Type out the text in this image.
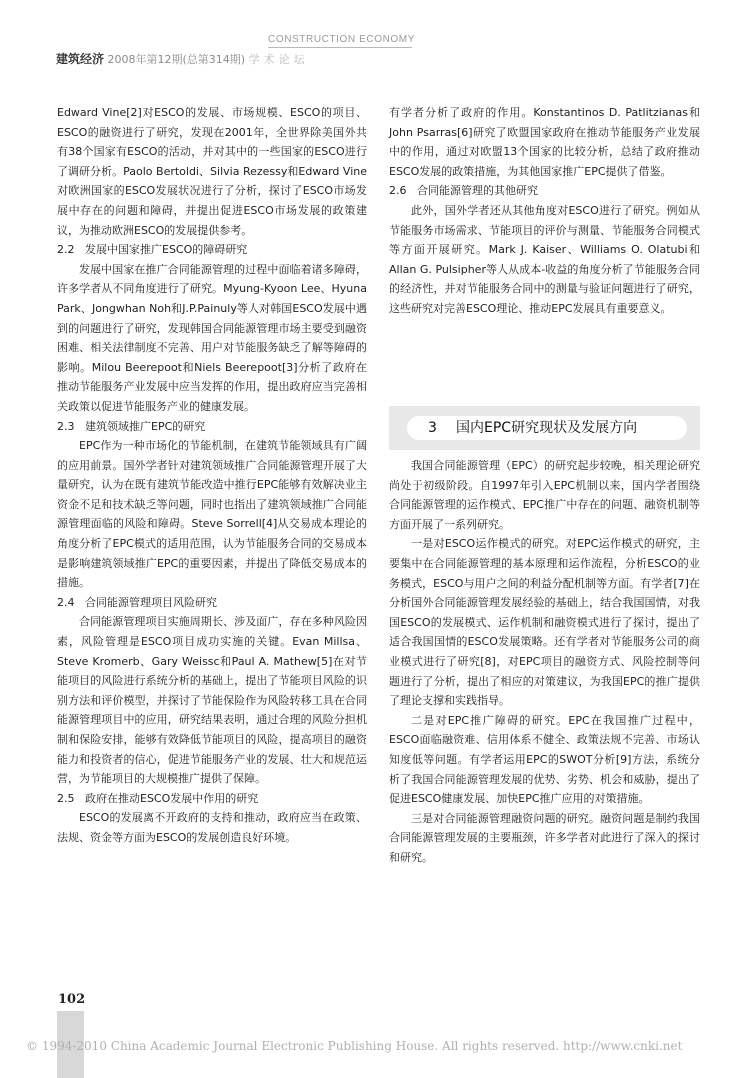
CONSTRUCTION ECONOMY
建筑经济 2008年第12期(总第314期) 学术论坛

Edward Vine[2]对ESCO的发展、市场规模、ESCO的项目、ESCO的融资进行了研究，发现在2001年，全世界除美国外共有38个国家有ESCO的活动，并对其中的一些国家的ESCO进行了调研分析。Paolo Bertoldi、Silvia Rezessy和Edward Vine对欧洲国家的ESCO发展状况进行了分析，探讨了ESCO市场发展中存在的问题和障碍，并提出促进ESCO市场发展的政策建议，为推动欧洲ESCO的发展提供参考。

2.2 发展中国家推广ESCO的障碍研究

发展中国家在推广合同能源管理的过程中面临着诸多障碍，许多学者从不同角度进行了研究。Myung-Kyoon Lee、Hyuna Park、Jongwhan Noh和J.P.Painuly等人对韩国ESCO发展中遇到的问题进行了研究，发现韩国合同能源管理市场主要受到融资困难、相关法律制度不完善、用户对节能服务缺乏了解等障碍的影响。Milou Beerepoot和Niels Beerepoot[3]分析了政府在推动节能服务产业发展中应当发挥的作用，提出政府应当完善相关政策以促进节能服务产业的健康发展。

2.3 建筑领域推广EPC的研究

EPC作为一种市场化的节能机制，在建筑节能领域具有广阔的应用前景。国外学者针对建筑领域推广合同能源管理开展了大量研究，认为在既有建筑节能改造中推行EPC能够有效解决业主资金不足和技术缺乏等问题，同时也指出了建筑领域推广合同能源管理面临的风险和障碍。Steve Sorrell[4]从交易成本理论的角度分析了EPC模式的适用范围，认为节能服务合同的交易成本是影响建筑领域推广EPC的重要因素，并提出了降低交易成本的措施。

2.4 合同能源管理项目风险研究

合同能源管理项目实施周期长、涉及面广，存在多种风险因素，风险管理是ESCO项目成功实施的关键。Evan Millsa、Steve Kromerb、Gary Weissc和Paul A. Mathew[5]在对节能项目的风险进行系统分析的基础上，提出了节能项目风险的识别方法和评价模型，并探讨了节能保险作为风险转移工具在合同能源管理项目中的应用，研究结果表明，通过合理的风险分担机制和保险安排，能够有效降低节能项目的风险，提高项目的融资能力和投资者的信心，促进节能服务产业的发展、壮大和规范运营，为节能项目的大规模推广提供了保障。

2.5 政府在推动ESCO发展中作用的研究

ESCO的发展离不开政府的支持和推动，政府应当在政策、法规、资金等方面为ESCO的发展创造良好环境。

有学者分析了政府的作用。Konstantinos D. Patlitzianas和John Psarras[6]研究了欧盟国家政府在推动节能服务产业发展中的作用，通过对欧盟13个国家的比较分析，总结了政府推动ESCO发展的政策措施，为其他国家推广EPC提供了借鉴。

2.6 合同能源管理的其他研究

此外，国外学者还从其他角度对ESCO进行了研究。例如从节能服务市场需求、节能项目的评价与测量、节能服务合同模式等方面开展研究。Mark J. Kaiser、Williams O. Olatubi和Allan G. Pulsipher等人从成本-收益的角度分析了节能服务合同的经济性，并对节能服务合同中的测量与验证问题进行了研究，这些研究对完善ESCO理论、推动EPC发展具有重要意义。

3 国内EPC研究现状及发展方向

我国合同能源管理（EPC）的研究起步较晚，相关理论研究尚处于初级阶段。自1997年引入EPC机制以来，国内学者围绕合同能源管理的运作模式、EPC推广中存在的问题、融资机制等方面开展了一系列研究。

一是对ESCO运作模式的研究。对EPC运作模式的研究，主要集中在合同能源管理的基本原理和运作流程，分析ESCO的业务模式，ESCO与用户之间的利益分配机制等方面。有学者[7]在分析国外合同能源管理发展经验的基础上，结合我国国情，对我国ESCO的发展模式、运作机制和融资模式进行了探讨，提出了适合我国国情的ESCO发展策略。还有学者对节能服务公司的商业模式进行了研究[8]，对EPC项目的融资方式、风险控制等问题进行了分析，提出了相应的对策建议，为我国EPC的推广提供了理论支撑和实践指导。

二是对EPC推广障碍的研究。EPC在我国推广过程中，ESCO面临融资难、信用体系不健全、政策法规不完善、市场认知度低等问题。有学者运用EPC的SWOT分析[9]方法，系统分析了我国合同能源管理发展的优势、劣势、机会和威胁，提出了促进ESCO健康发展、加快EPC推广应用的对策措施。

三是对合同能源管理融资问题的研究。融资问题是制约我国合同能源管理发展的主要瓶颈，许多学者对此进行了深入的探讨和研究。

102
© 1994-2010 China Academic Journal Electronic Publishing House. All rights reserved. http://www.cnki.net
